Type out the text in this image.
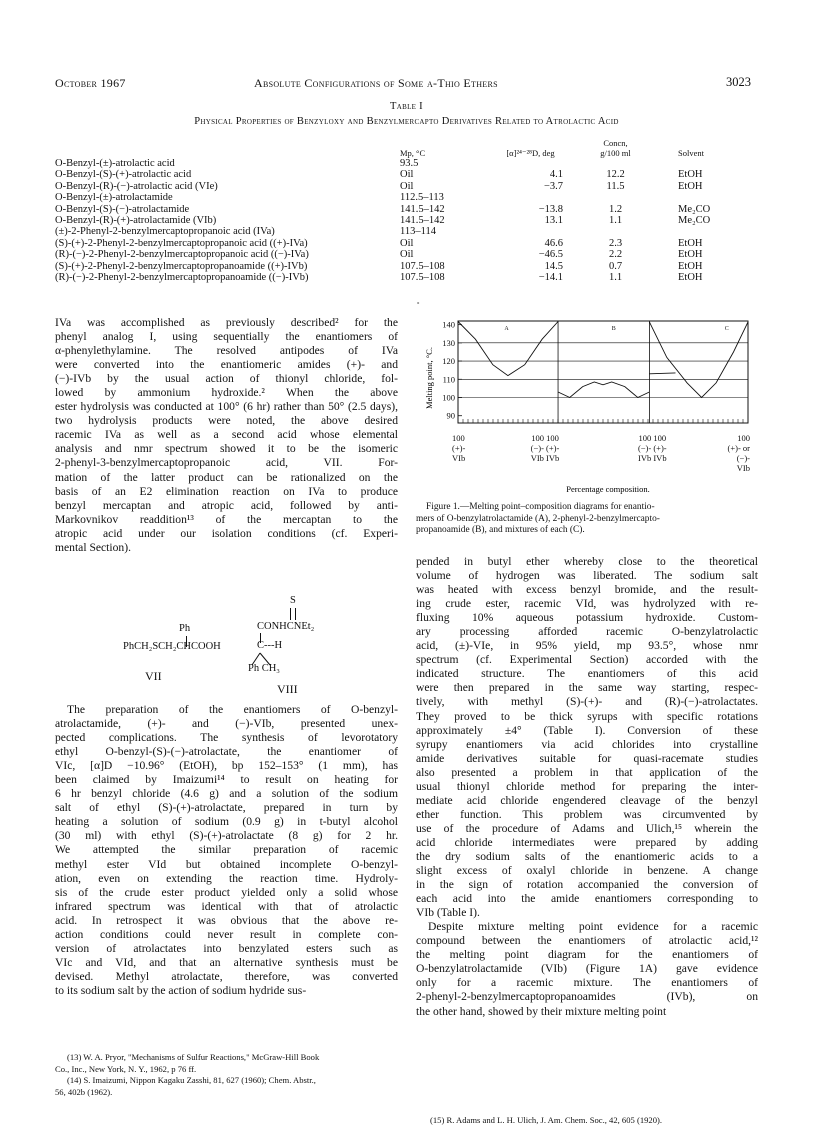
October 1967	Absolute Configurations of Some α-Thio Ethers	3023
Table I
Physical Properties of Benzyloxy and Benzylmercapto Derivatives Related to Atrolactic Acid
			Concn,	
	Mp, °C	[α]²⁴⁻²⁸D, deg	g/100 ml	Solvent
O-Benzyl-(±)-atrolactic acid	93.5			
O-Benzyl-(S)-(+)-atrolactic acid	Oil	4.1	12.2	EtOH
O-Benzyl-(R)-(−)-atrolactic acid (VIe)	Oil	−3.7	11.5	EtOH
O-Benzyl-(±)-atrolactamide	112.5–113			
O-Benzyl-(S)-(−)-atrolactamide	141.5–142	−13.8	1.2	Me₂CO
O-Benzyl-(R)-(+)-atrolactamide (VIb)	141.5–142	13.1	1.1	Me₂CO
(±)-2-Phenyl-2-benzylmercaptopropanoic acid (IVa)	113–114			
(S)-(+)-2-Phenyl-2-benzylmercaptopropanoic acid ((+)-IVa)	Oil	46.6	2.3	EtOH
(R)-(−)-2-Phenyl-2-benzylmercaptopropanoic acid ((−)-IVa)	Oil	−46.5	2.2	EtOH
(S)-(+)-2-Phenyl-2-benzylmercaptopropanoamide ((+)-IVb)	107.5–108	14.5	0.7	EtOH
(R)-(−)-2-Phenyl-2-benzylmercaptopropanoamide ((−)-IVb)	107.5–108	−14.1	1.1	EtOH
°
IVa was accomplished as previously described² for the
phenyl analog I, using sequentially the enantiomers of
α-phenylethylamine. The resolved antipodes of IVa
were converted into the enantiomeric amides (+)- and
(−)-IVb by the usual action of thionyl chloride, fol-
lowed by ammonium hydroxide.² When the above
ester hydrolysis was conducted at 100° (6 hr) rather than 50° (2.5 days),
two hydrolysis products were noted, the above desired
racemic IVa as well as a second acid whose elemental
analysis and nmr spectrum showed it to be the isomeric
2-phenyl-3-benzylmercaptopropanoic acid, VII. For-
mation of the latter product can be rationalized on the
basis of an E2 elimination reaction on IVa to produce
benzyl mercaptan and atropic acid, followed by anti-
Markovnikov readdition¹³ of the mercaptan to the
atropic acid under our isolation conditions (cf. Experi-
mental Section).
Ph
PhCH₂SCH₂CHCOOH
VII
S
CONHCNEt₂
C---H
Ph CH₃
VIII
The preparation of the enantiomers of O-benzyl-
atrolactamide, (+)- and (−)-VIb, presented unex-
pected complications. The synthesis of levorotatory
ethyl O-benzyl-(S)-(−)-atrolactate, the enantiomer of
VIc, [α]D −10.96° (EtOH), bp 152–153° (1 mm), has
been claimed by Imaizumi¹⁴ to result on heating for
6 hr benzyl chloride (4.6 g) and a solution of the sodium
salt of ethyl (S)-(+)-atrolactate, prepared in turn by
heating a solution of sodium (0.9 g) in t-butyl alcohol
(30 ml) with ethyl (S)-(+)-atrolactate (8 g) for 2 hr.
We attempted the similar preparation of racemic
methyl ester VId but obtained incomplete O-benzyl-
ation, even on extending the reaction time. Hydroly-
sis of the crude ester product yielded only a solid whose
infrared spectrum was identical with that of atrolactic
acid. In retrospect it was obvious that the above re-
action conditions could never result in complete con-
version of atrolactates into benzylated esters such as
VIc and VId, and that an alternative synthesis must be
devised. Methyl atrolactate, therefore, was converted
to its sodium salt by the action of sodium hydride sus-
(13) W. A. Pryor, "Mechanisms of Sulfur Reactions," McGraw-Hill Book
Co., Inc., New York, N. Y., 1962, p 76 ff.
(14) S. Imaizumi, Nippon Kagaku Zasshi, 81, 627 (1960); Chem. Abstr.,
56, 402b (1962).
140
130
120
110
100
90
A	B	C
Melting point, °C.
100
(+)-
VIb
100 100
(−)- (+)-
VIb IVb
100 100
(−)- (+)-
IVb IVb
100
(+)- or
(−)-
VIb
Percentage composition.
Figure 1.—Melting point–composition diagrams for enantio-
mers of O-benzylatrolactamide (A), 2-phenyl-2-benzylmercapto-
propanoamide (B), and mixtures of each (C).
pended in butyl ether whereby close to the theoretical
volume of hydrogen was liberated. The sodium salt
was heated with excess benzyl bromide, and the result-
ing crude ester, racemic VId, was hydrolyzed with re-
fluxing 10% aqueous potassium hydroxide. Custom-
ary processing afforded racemic O-benzylatrolactic
acid, (±)-VIe, in 95% yield, mp 93.5°, whose nmr
spectrum (cf. Experimental Section) accorded with the
indicated structure. The enantiomers of this acid
were then prepared in the same way starting, respec-
tively, with methyl (S)-(+)- and (R)-(−)-atrolactates.
They proved to be thick syrups with specific rotations
approximately ±4° (Table I). Conversion of these
syrupy enantiomers via acid chlorides into crystalline
amide derivatives suitable for quasi-racemate studies
also presented a problem in that application of the
usual thionyl chloride method for preparing the inter-
mediate acid chloride engendered cleavage of the benzyl
ether function. This problem was circumvented by
use of the procedure of Adams and Ulich,¹⁵ wherein the
acid chloride intermediates were prepared by adding
the dry sodium salts of the enantiomeric acids to a
slight excess of oxalyl chloride in benzene. A change
in the sign of rotation accompanied the conversion of
each acid into the amide enantiomers corresponding to
VIb (Table I).
Despite mixture melting point evidence for a racemic
compound between the enantiomers of atrolactic acid,¹²
the melting point diagram for the enantiomers of
O-benzylatrolactamide (VIb) (Figure 1A) gave evidence
only for a racemic mixture. The enantiomers of
2-phenyl-2-benzylmercaptopropanoamides (IVb), on
the other hand, showed by their mixture melting point
(15) R. Adams and L. H. Ulich, J. Am. Chem. Soc., 42, 605 (1920).
